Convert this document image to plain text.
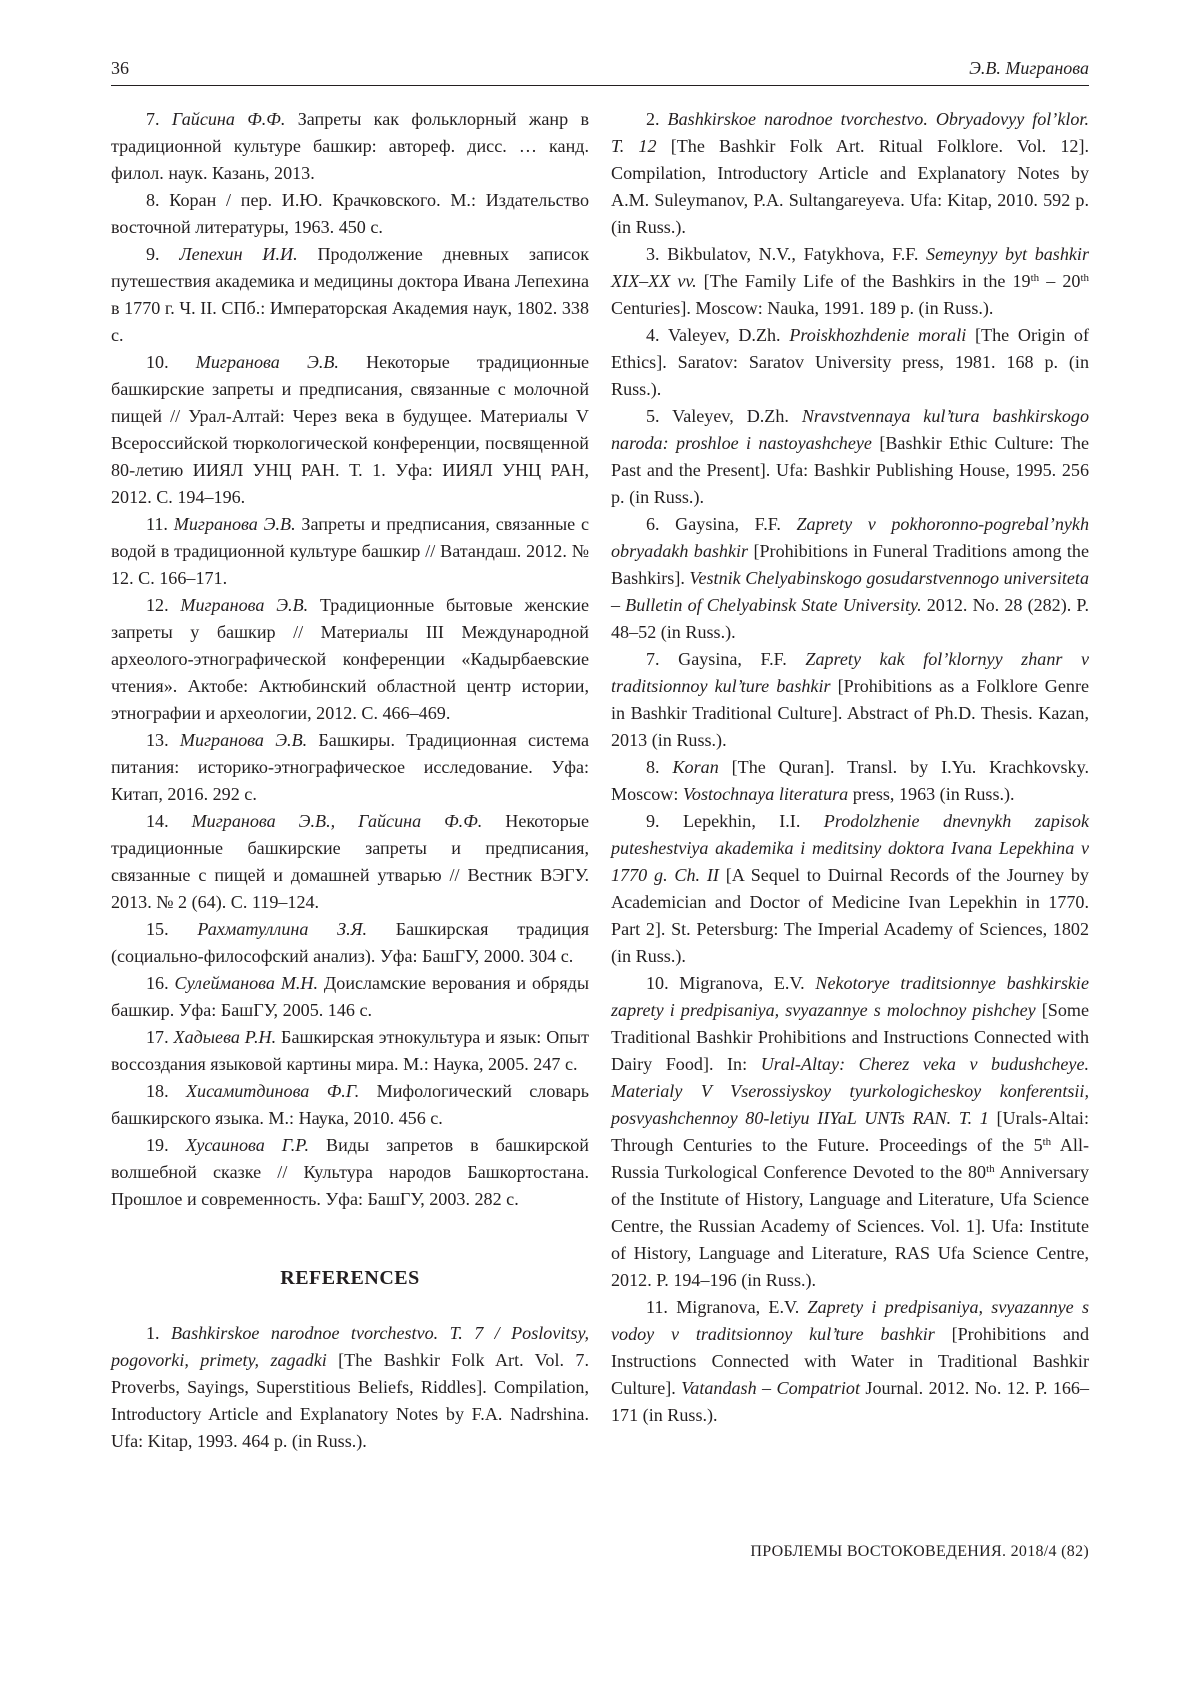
36	Э.В. Мигранова

7. Гайсина Ф.Ф. Запреты как фольклорный жанр в традиционной культуре башкир: автореф. дисс. … канд. филол. наук. Казань, 2013.

8. Коран / пер. И.Ю. Крачковского. М.: Издательство восточной литературы, 1963. 450 с.

9. Лепехин И.И. Продолжение дневных записок путешествия академика и медицины доктора Ивана Лепехина в 1770 г. Ч. II. СПб.: Императорская Академия наук, 1802. 338 с.

10. Мигранова Э.В. Некоторые традиционные башкирские запреты и предписания, связанные с молочной пищей // Урал-Алтай: Через века в будущее. Материалы V Всероссийской тюркологической конференции, посвященной 80-летию ИИЯЛ УНЦ РАН. Т. 1. Уфа: ИИЯЛ УНЦ РАН, 2012. С. 194–196.

11. Мигранова Э.В. Запреты и предписания, связанные с водой в традиционной культуре башкир // Ватандаш. 2012. № 12. С. 166–171.

12. Мигранова Э.В. Традиционные бытовые женские запреты у башкир // Материалы III Международной археолого-этнографической конференции «Кадырбаевские чтения». Актобе: Актюбинский областной центр истории, этнографии и археологии, 2012. С. 466–469.

13. Мигранова Э.В. Башкиры. Традиционная система питания: историко-этнографическое исследование. Уфа: Китап, 2016. 292 с.

14. Мигранова Э.В., Гайсина Ф.Ф. Некоторые традиционные башкирские запреты и предписания, связанные с пищей и домашней утварью // Вестник ВЭГУ. 2013. № 2 (64). С. 119–124.

15. Рахматуллина З.Я. Башкирская традиция (социально-философский анализ). Уфа: БашГУ, 2000. 304 с.

16. Сулейманова М.Н. Доисламские верования и обряды башкир. Уфа: БашГУ, 2005. 146 с.

17. Хадыева Р.Н. Башкирская этнокультура и язык: Опыт воссоздания языковой картины мира. М.: Наука, 2005. 247 с.

18. Хисамитдинова Ф.Г. Мифологический словарь башкирского языка. М.: Наука, 2010. 456 с.

19. Хусаинова Г.Р. Виды запретов в башкирской волшебной сказке // Культура народов Башкортостана. Прошлое и современность. Уфа: БашГУ, 2003. 282 с.

REFERENCES

1. Bashkirskoe narodnoe tvorchestvo. T. 7 / Poslovitsy, pogovorki, primety, zagadki [The Bashkir Folk Art. Vol. 7. Proverbs, Sayings, Superstitious Beliefs, Riddles]. Compilation, Introductory Article and Explanatory Notes by F.A. Nadrshina. Ufa: Kitap, 1993. 464 p. (in Russ.).

2. Bashkirskoe narodnoe tvorchestvo. Obryadovyy fol’klor. T. 12 [The Bashkir Folk Art. Ritual Folklore. Vol. 12]. Compilation, Introductory Article and Explanatory Notes by A.M. Suleymanov, P.A. Sultangareyeva. Ufa: Kitap, 2010. 592 p. (in Russ.).

3. Bikbulatov, N.V., Fatykhova, F.F. Semeynyy byt bashkir XIX–XX vv. [The Family Life of the Bashkirs in the 19th – 20th Centuries]. Moscow: Nauka, 1991. 189 p. (in Russ.).

4. Valeyev, D.Zh. Proiskhozhdenie morali [The Origin of Ethics]. Saratov: Saratov University press, 1981. 168 p. (in Russ.).

5. Valeyev, D.Zh. Nravstvennaya kul’tura bashkirskogo naroda: proshloe i nastoyashcheye [Bashkir Ethic Culture: The Past and the Present]. Ufa: Bashkir Publishing House, 1995. 256 p. (in Russ.).

6. Gaysina, F.F. Zaprety v pokhoronno-pogrebal’nykh obryadakh bashkir [Prohibitions in Funeral Traditions among the Bashkirs]. Vestnik Chelyabinskogo gosudarstvennogo universiteta – Bulletin of Chelyabinsk State University. 2012. No. 28 (282). P. 48–52 (in Russ.).

7. Gaysina, F.F. Zaprety kak fol’klornyy zhanr v traditsionnoy kul’ture bashkir [Prohibitions as a Folklore Genre in Bashkir Traditional Culture]. Abstract of Ph.D. Thesis. Kazan, 2013 (in Russ.).

8. Koran [The Quran]. Transl. by I.Yu. Krachkovsky. Moscow: Vostochnaya literatura press, 1963 (in Russ.).

9. Lepekhin, I.I. Prodolzhenie dnevnykh zapisok puteshestviya akademika i meditsiny doktora Ivana Lepekhina v 1770 g. Ch. II [A Sequel to Duirnal Records of the Journey by Academician and Doctor of Medicine Ivan Lepekhin in 1770. Part 2]. St. Petersburg: The Imperial Academy of Sciences, 1802 (in Russ.).

10. Migranova, E.V. Nekotorye traditsionnye bashkirskie zaprety i predpisaniya, svyazannye s molochnoy pishchey [Some Traditional Bashkir Prohibitions and Instructions Connected with Dairy Food]. In: Ural-Altay: Cherez veka v budushcheye. Materialy V Vserossiyskoy tyurkologicheskoy konferentsii, posvyashchennoy 80-letiyu IIYaL UNTs RAN. T. 1 [Urals-Altai: Through Centuries to the Future. Proceedings of the 5th All-Russia Turkological Conference Devoted to the 80th Anniversary of the Institute of History, Language and Literature, Ufa Science Centre, the Russian Academy of Sciences. Vol. 1]. Ufa: Institute of History, Language and Literature, RAS Ufa Science Centre, 2012. P. 194–196 (in Russ.).

11. Migranova, E.V. Zaprety i predpisaniya, svyazannye s vodoy v traditsionnoy kul’ture bashkir [Prohibitions and Instructions Connected with Water in Traditional Bashkir Culture]. Vatandash – Compatriot Journal. 2012. No. 12. P. 166–171 (in Russ.).

ПРОБЛЕМЫ ВОСТОКОВЕДЕНИЯ. 2018/4 (82)
